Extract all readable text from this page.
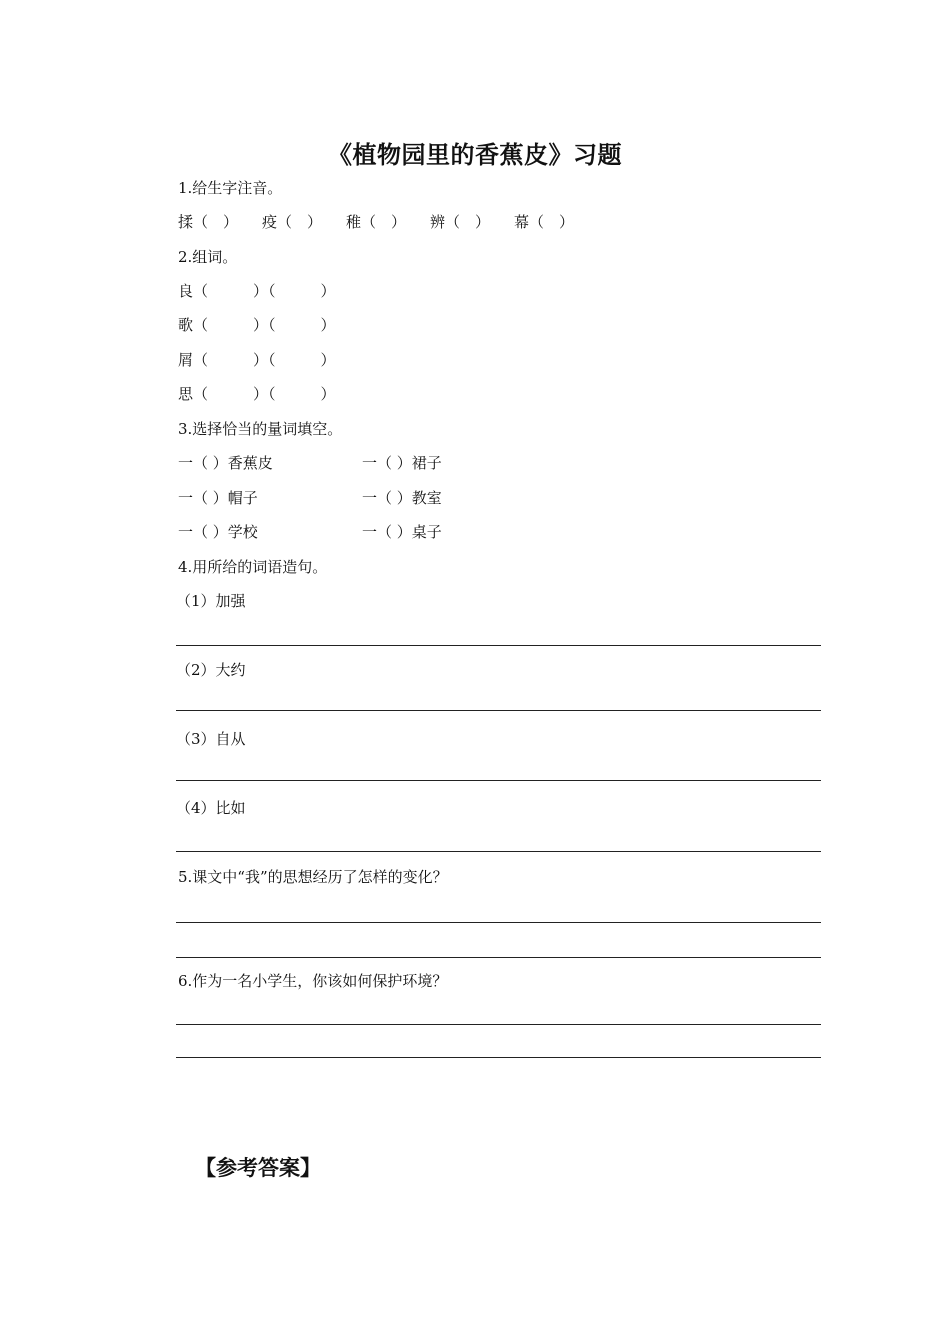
《植物园里的香蕉皮》习题
1.给生字注音。
揉（　） 疫（　） 稚（　） 辨（　） 幕（　）
2.组词。
良（　　　）（　　　）
歌（　　　）（　　　）
屑（　　　）（　　　）
思（　　　）（　　　）
3.选择恰当的量词填空。
一（ ）香蕉皮	一（ ）裙子
一（ ）帽子	一（ ）教室
一（ ）学校	一（ ）桌子
4.用所给的词语造句。
（1）加强
（2）大约
（3）自从
（4）比如
5.课文中“我”的思想经历了怎样的变化？
6.作为一名小学生，你该如何保护环境？
【参考答案】
